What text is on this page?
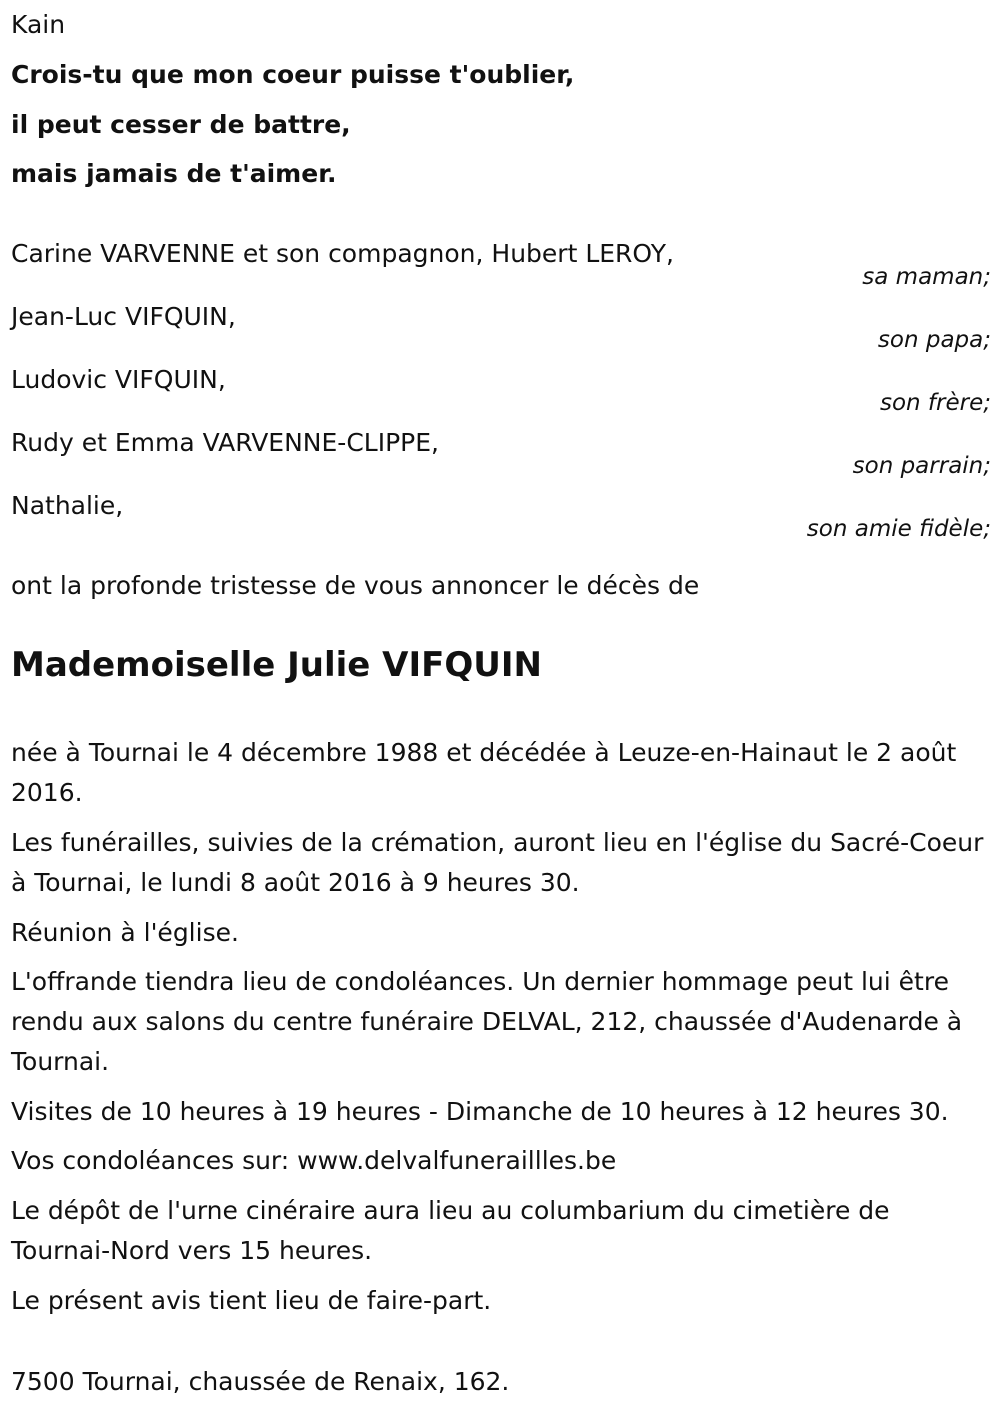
Kain
Crois-tu que mon coeur puisse t'oublier,
il peut cesser de battre,
mais jamais de t'aimer.
Carine VARVENNE et son compagnon, Hubert LEROY,
sa maman;
Jean-Luc VIFQUIN,
son papa;
Ludovic VIFQUIN,
son frère;
Rudy et Emma VARVENNE-CLIPPE,
son parrain;
Nathalie,
son amie fidèle;
ont la profonde tristesse de vous annoncer le décès de
Mademoiselle Julie VIFQUIN
née à Tournai le 4 décembre 1988 et décédée à Leuze-en-Hainaut le 2 août 2016.
Les funérailles, suivies de la crémation, auront lieu en l'église du Sacré-Coeur à Tournai, le lundi 8 août 2016 à 9 heures 30.
Réunion à l'église.
L'offrande tiendra lieu de condoléances. Un dernier hommage peut lui être rendu aux salons du centre funéraire DELVAL, 212, chaussée d'Audenarde à Tournai.
Visites de 10 heures à 19 heures - Dimanche de 10 heures à 12 heures 30.
Vos condoléances sur: www.delvalfuneraillles.be
Le dépôt de l'urne cinéraire aura lieu au columbarium du cimetière de Tournai-Nord vers 15 heures.
Le présent avis tient lieu de faire-part.
7500 Tournai, chaussée de Renaix, 162.
